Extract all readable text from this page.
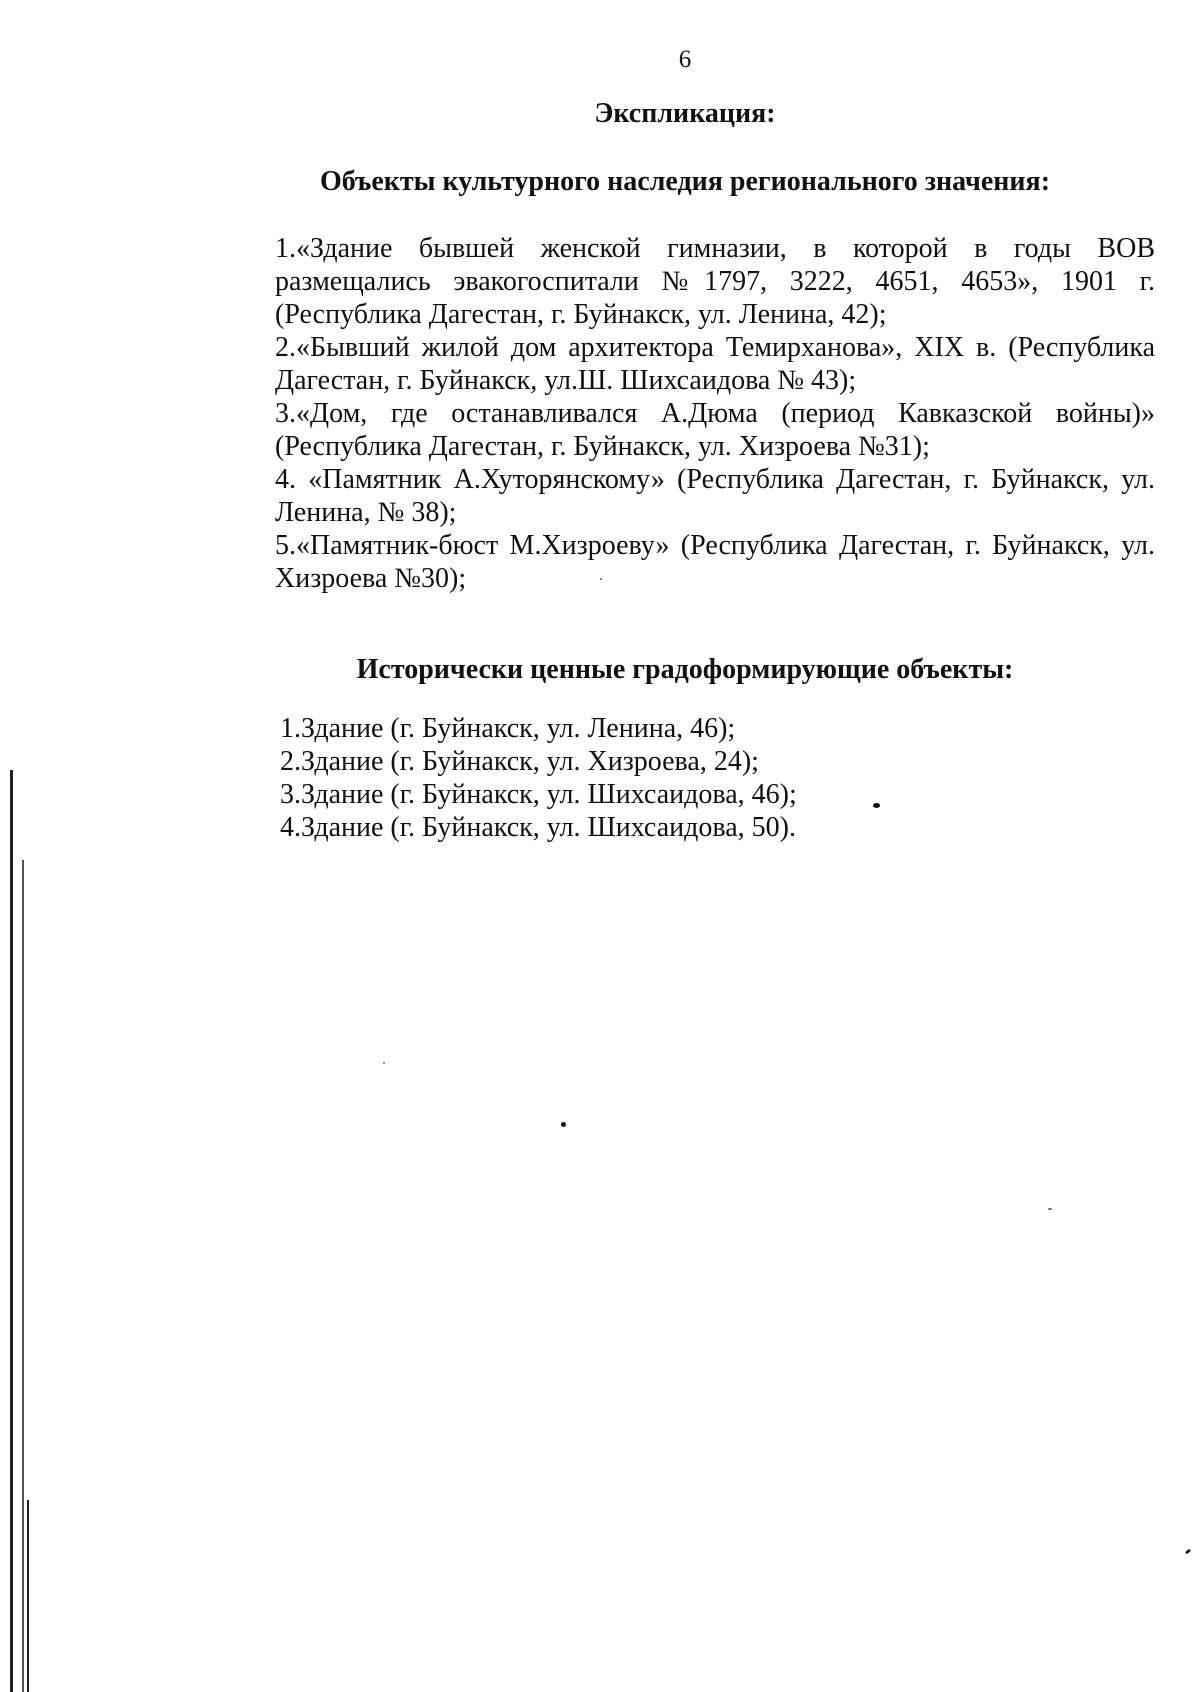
6
Экспликация:
Объекты культурного наследия регионального значения:
1.«Здание бывшей женской гимназии, в которой в годы ВОВ размещались эвакогоспитали №1797, 3222, 4651, 4653», 1901 г. (Республика Дагестан, г. Буйнакск, ул. Ленина, 42);
2.«Бывший жилой дом архитектора Темирханова», XIX в. (Республика Дагестан, г. Буйнакск, ул.Ш. Шихсаидова № 43);
3.«Дом, где останавливался А.Дюма (период Кавказской войны)» (Республика Дагестан, г. Буйнакск, ул. Хизроева №31);
4. «Памятник А.Хуторянскому» (Республика Дагестан, г. Буйнакск, ул. Ленина, № 38);
5.«Памятник-бюст М.Хизроеву» (Республика Дагестан, г. Буйнакск, ул. Хизроева №30);
Исторически ценные градоформирующие объекты:
1.Здание (г. Буйнакск, ул. Ленина, 46);
2.Здание (г. Буйнакск, ул. Хизроева, 24);
3.Здание (г. Буйнакск, ул. Шихсаидова, 46);
4.Здание (г. Буйнакск, ул. Шихсаидова, 50).
